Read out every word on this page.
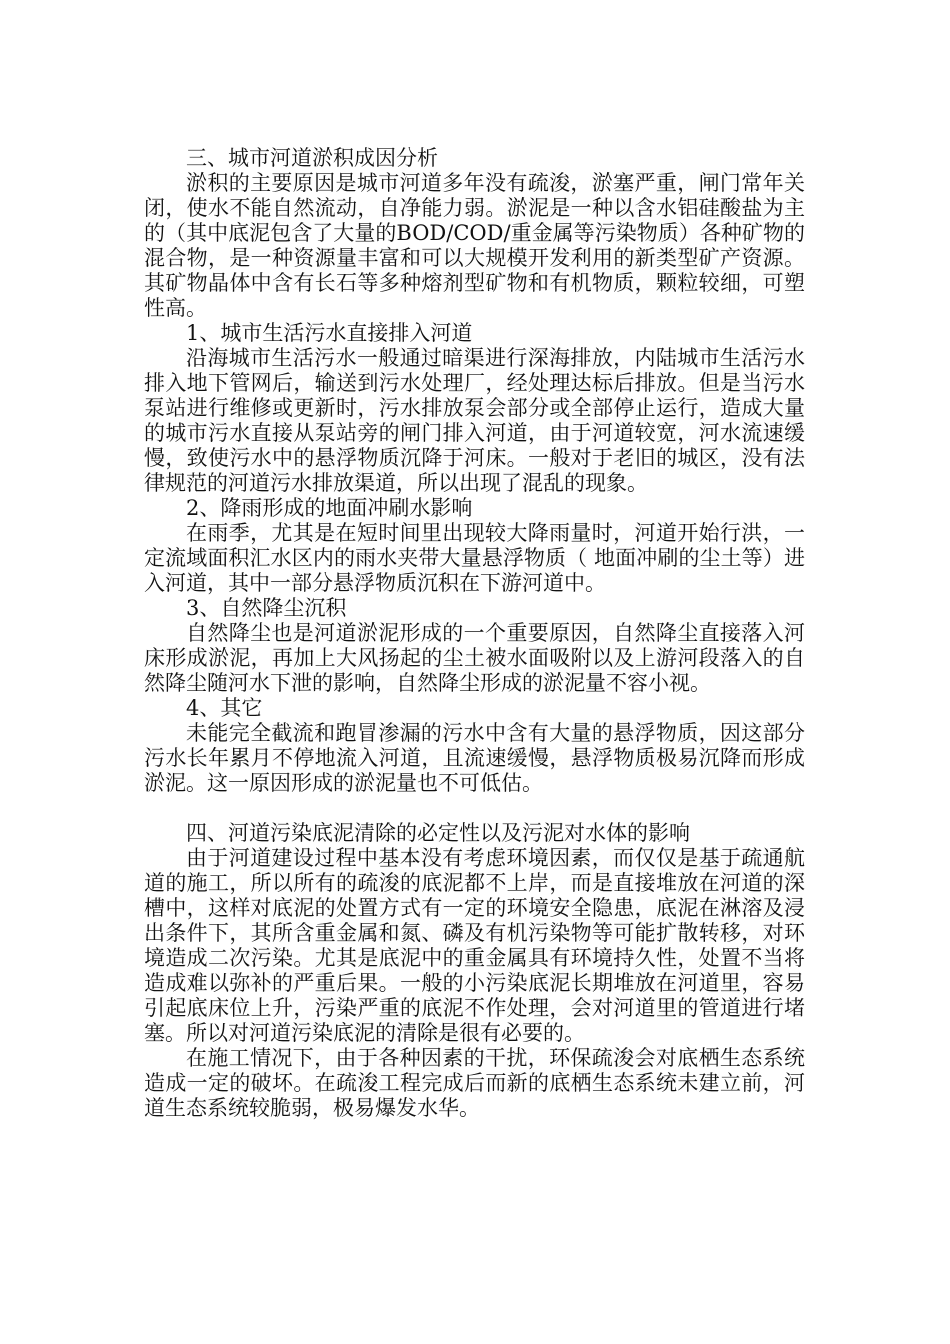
三、城市河道淤积成因分析

淤积的主要原因是城市河道多年没有疏浚，淤塞严重，闸门常年关闭，使水不能自然流动，自净能力弱。淤泥是一种以含水铝硅酸盐为主的（其中底泥包含了大量的BOD/COD/重金属等污染物质）各种矿物的混合物，是一种资源量丰富和可以大规模开发利用的新类型矿产资源。其矿物晶体中含有长石等多种熔剂型矿物和有机物质，颗粒较细，可塑性高。

1、城市生活污水直接排入河道

沿海城市生活污水一般通过暗渠进行深海排放，内陆城市生活污水排入地下管网后，输送到污水处理厂，经处理达标后排放。但是当污水泵站进行维修或更新时，污水排放泵会部分或全部停止运行，造成大量的城市污水直接从泵站旁的闸门排入河道，由于河道较宽，河水流速缓慢，致使污水中的悬浮物质沉降于河床。一般对于老旧的城区，没有法律规范的河道污水排放渠道，所以出现了混乱的现象。

2、降雨形成的地面冲刷水影响

在雨季，尤其是在短时间里出现较大降雨量时，河道开始行洪，一定流域面积汇水区内的雨水夹带大量悬浮物质（ 地面冲刷的尘土等）进入河道，其中一部分悬浮物质沉积在下游河道中。

3、自然降尘沉积

自然降尘也是河道淤泥形成的一个重要原因，自然降尘直接落入河床形成淤泥，再加上大风扬起的尘土被水面吸附以及上游河段落入的自然降尘随河水下泄的影响，自然降尘形成的淤泥量不容小视。

4、其它

未能完全截流和跑冒渗漏的污水中含有大量的悬浮物质，因这部分污水长年累月不停地流入河道，且流速缓慢，悬浮物质极易沉降而形成淤泥。这一原因形成的淤泥量也不可低估。

四、河道污染底泥清除的必定性以及污泥对水体的影响

由于河道建设过程中基本没有考虑环境因素，而仅仅是基于疏通航道的施工，所以所有的疏浚的底泥都不上岸，而是直接堆放在河道的深槽中，这样对底泥的处置方式有一定的环境安全隐患，底泥在淋溶及浸出条件下，其所含重金属和氮、磷及有机污染物等可能扩散转移，对环境造成二次污染。尤其是底泥中的重金属具有环境持久性，处置不当将造成难以弥补的严重后果。一般的小污染底泥长期堆放在河道里，容易引起底床位上升，污染严重的底泥不作处理，会对河道里的管道进行堵塞。所以对河道污染底泥的清除是很有必要的。

在施工情况下，由于各种因素的干扰，环保疏浚会对底栖生态系统造成一定的破坏。在疏浚工程完成后而新的底栖生态系统未建立前，河道生态系统较脆弱，极易爆发水华。
